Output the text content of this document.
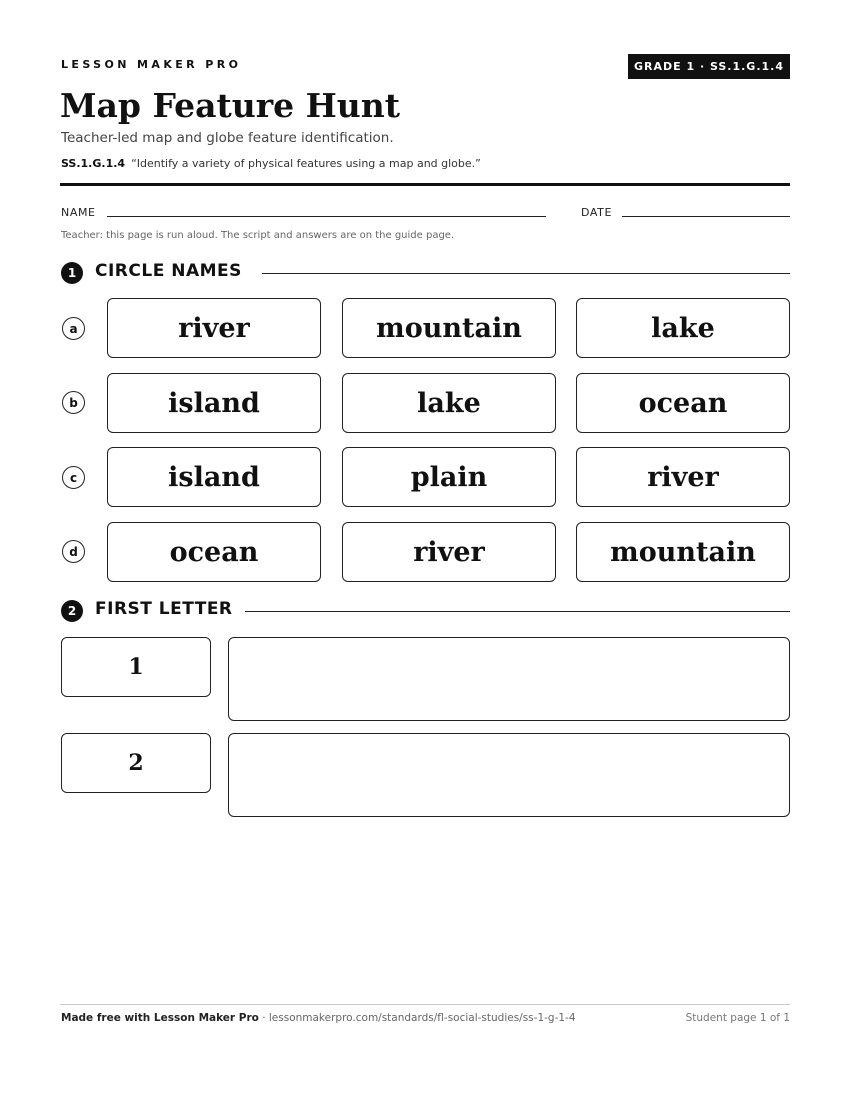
LESSON MAKER PRO	GRADE 1 · SS.1.G.1.4
Map Feature Hunt
Teacher-led map and globe feature identification.
SS.1.G.1.4 “Identify a variety of physical features using a map and globe.”
NAME	DATE
Teacher: this page is run aloud. The script and answers are on the guide page.
1	CIRCLE NAMES
a	river	mountain	lake
b	island	lake	ocean
c	island	plain	river
d	ocean	river	mountain
2	FIRST LETTER
1
2
Made free with Lesson Maker Pro · lessonmakerpro.com/standards/fl-social-studies/ss-1-g-1-4	Student page 1 of 1
